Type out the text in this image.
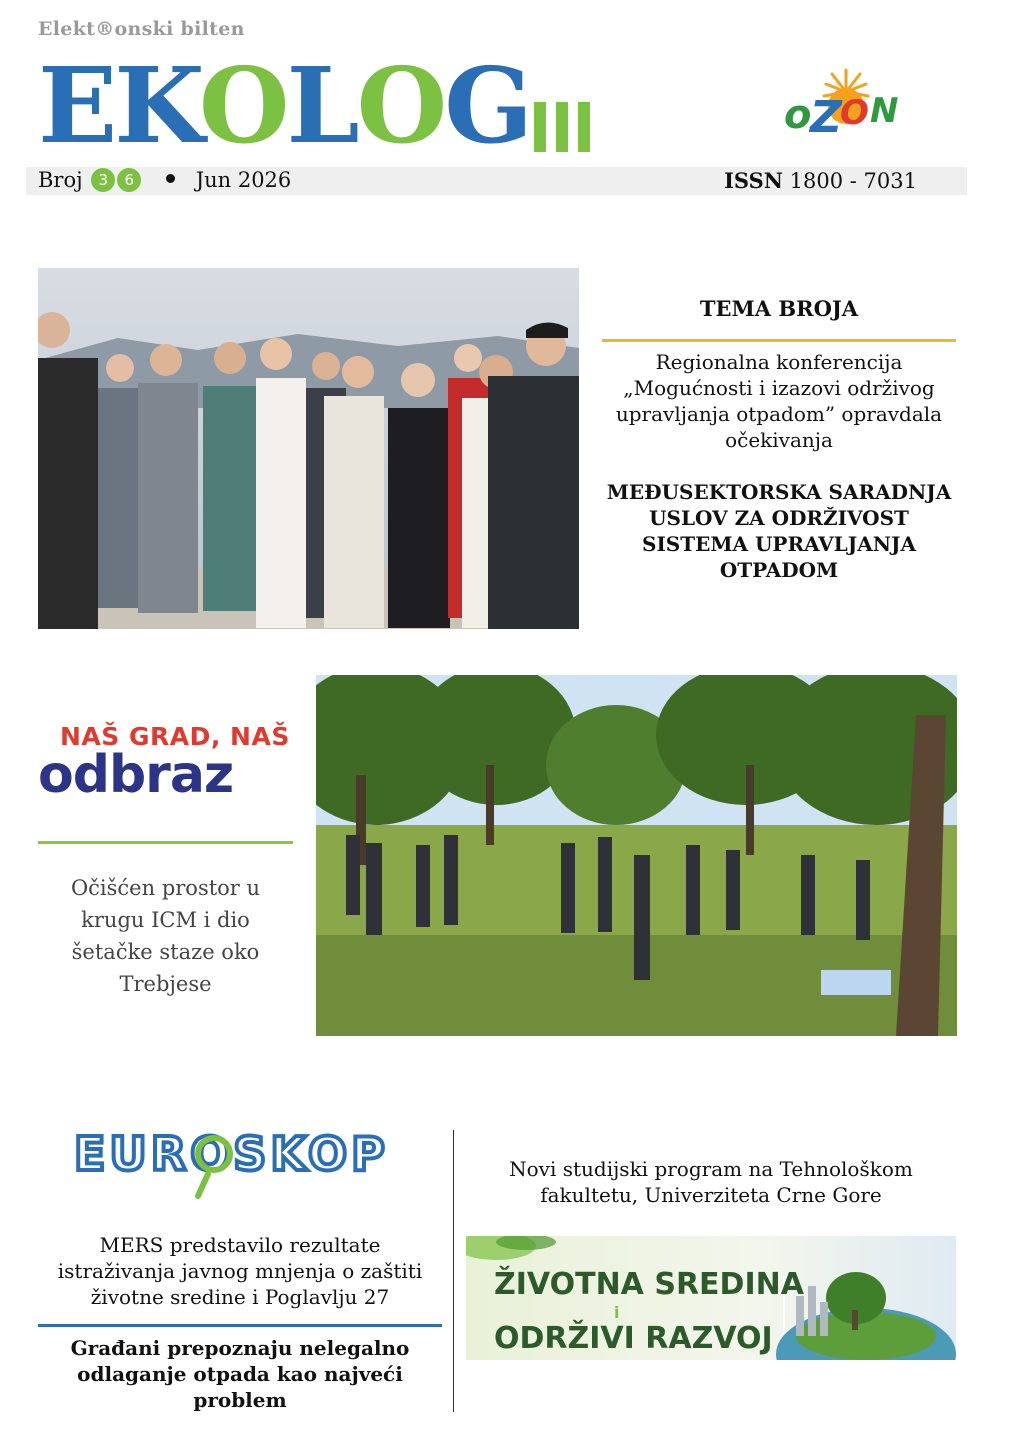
Elekt®onski bilten
EKOLOG	o
Z
O N
Broj 3 6	Jun 2026	ISSN 1800 - 7031
TEMA BROJA
Regionalna konferencija „Mogućnosti i izazovi održivog upravljanja otpadom” opravdala očekivanja
MEĐUSEKTORSKA SARADNJA USLOV ZA ODRŽIVOST SISTEMA UPRAVLJANJA OTPADOM
NAŠ GRAD, NAŠ
odbraz
Očišćen prostor u krugu ICM i dio šetačke staze oko Trebjese
EUROSKOP
MERS predstavilo rezultate istraživanja javnog mnjenja o zaštiti životne sredine i Poglavlju 27
Građani prepoznaju nelegalno odlaganje otpada kao najveći problem
Novi studijski program na Tehnološkom fakultetu, Univerziteta Crne Gore
ŽIVOTNA SREDINA
i
ODRŽIVI RAZVOJ
